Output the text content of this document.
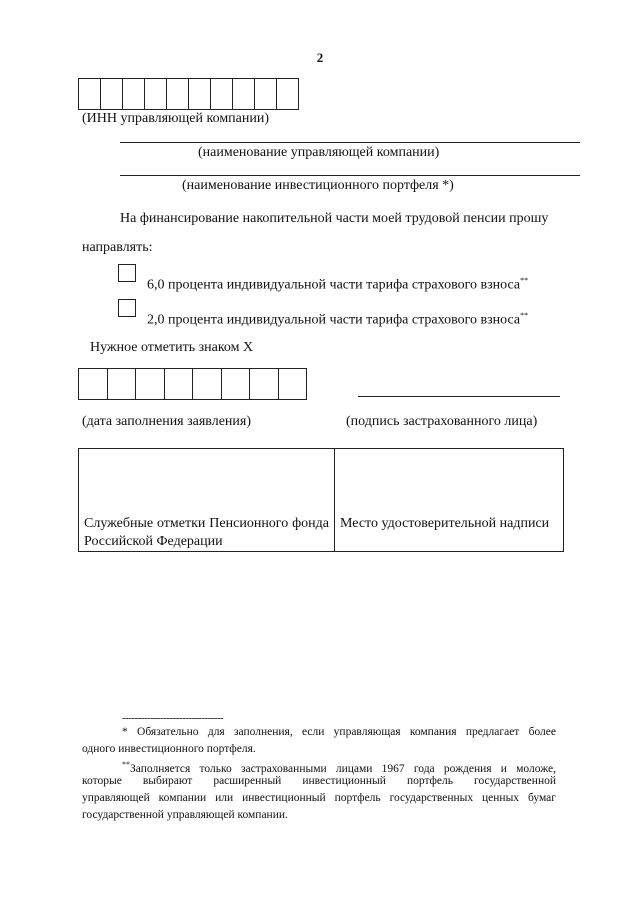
2
(ИНН управляющей компании)
(наименование управляющей компании)
(наименование инвестиционного портфеля *)
На финансирование накопительной части моей трудовой пенсии прошу
направлять:
6,0 процента индивидуальной части тарифа страхового взноса**
2,0 процента индивидуальной части тарифа страхового взноса**
Нужное отметить знаком Х
(дата заполнения заявления)	(подпись застрахованного лица)
Служебные отметки Пенсионного фонда Российской Федерации
Место удостоверительной надписи
--------------------------------
* Обязательно для заполнения, если управляющая компания предлагает более
одного инвестиционного портфеля.
**Заполняется только застрахованными лицами 1967 года рождения и моложе,
которые выбирают расширенный инвестиционный портфель государственной
управляющей компании или инвестиционный портфель государственных ценных бумаг
государственной управляющей компании.
